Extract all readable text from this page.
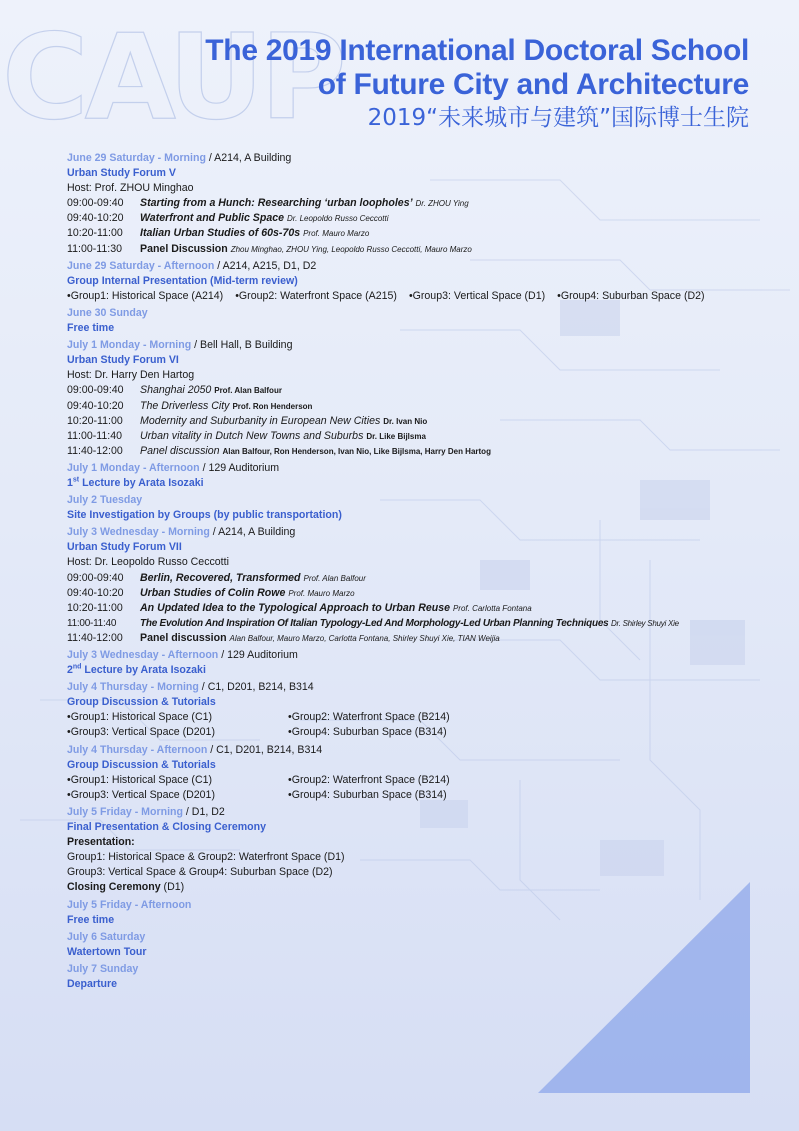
CAUP
The 2019 International Doctoral School
of Future City and Architecture
2019“未来城市与建筑”国际博士生院
June 29 Saturday - Morning / A214, A Building
Urban Study Forum V
Host: Prof. ZHOU Minghao
09:00-09:40 Starting from a Hunch: Researching ‘urban loopholes’ Dr. ZHOU Ying
09:40-10:20 Waterfront and Public Space Dr. Leopoldo Russo Ceccotti
10:20-11:00 Italian Urban Studies of 60s-70s Prof. Mauro Marzo
11:00-11:30 Panel Discussion Zhou Minghao, ZHOU Ying, Leopoldo Russo Ceccotti, Mauro Marzo
June 29 Saturday - Afternoon / A214, A215, D1, D2
Group Internal Presentation (Mid-term review)
•Group1: Historical Space (A214) •Group2: Waterfront Space (A215) •Group3: Vertical Space (D1) •Group4: Suburban Space (D2)
June 30 Sunday
Free time
July 1 Monday - Morning / Bell Hall, B Building
Urban Study Forum VI
Host: Dr. Harry Den Hartog
09:00-09:40 Shanghai 2050 Prof. Alan Balfour
09:40-10:20 The Driverless City Prof. Ron Henderson
10:20-11:00 Modernity and Suburbanity in European New Cities Dr. Ivan Nio
11:00-11:40 Urban vitality in Dutch New Towns and Suburbs Dr. Like Bijlsma
11:40-12:00 Panel discussion Alan Balfour, Ron Henderson, Ivan Nio, Like Bijlsma, Harry Den Hartog
July 1 Monday - Afternoon / 129 Auditorium
1st Lecture by Arata Isozaki
July 2 Tuesday
Site Investigation by Groups (by public transportation)
July 3 Wednesday - Morning / A214, A Building
Urban Study Forum VII
Host: Dr. Leopoldo Russo Ceccotti
09:00-09:40 Berlin, Recovered, Transformed Prof. Alan Balfour
09:40-10:20 Urban Studies of Colin Rowe Prof. Mauro Marzo
10:20-11:00 An Updated Idea to the Typological Approach to Urban Reuse Prof. Carlotta Fontana
11:00-11:40 The Evolution And Inspiration Of Italian Typology-Led And Morphology-Led Urban Planning Techniques Dr. Shirley Shuyi Xie
11:40-12:00 Panel discussion Alan Balfour, Mauro Marzo, Carlotta Fontana, Shirley Shuyi Xie, TIAN Weijia
July 3 Wednesday - Afternoon / 129 Auditorium
2nd Lecture by Arata Isozaki
July 4 Thursday - Morning / C1, D201, B214, B314
Group Discussion & Tutorials
•Group1: Historical Space (C1)	•Group2: Waterfront Space (B214)
•Group3: Vertical Space (D201)	•Group4: Suburban Space (B314)
July 4 Thursday - Afternoon / C1, D201, B214, B314
Group Discussion & Tutorials
•Group1: Historical Space (C1)	•Group2: Waterfront Space (B214)
•Group3: Vertical Space (D201)	•Group4: Suburban Space (B314)
July 5 Friday - Morning / D1, D2
Final Presentation & Closing Ceremony
Presentation:
Group1: Historical Space & Group2: Waterfront Space (D1)
Group3: Vertical Space & Group4: Suburban Space (D2)
Closing Ceremony (D1)
July 5 Friday - Afternoon
Free time
July 6 Saturday
Watertown Tour
July 7 Sunday
Departure
